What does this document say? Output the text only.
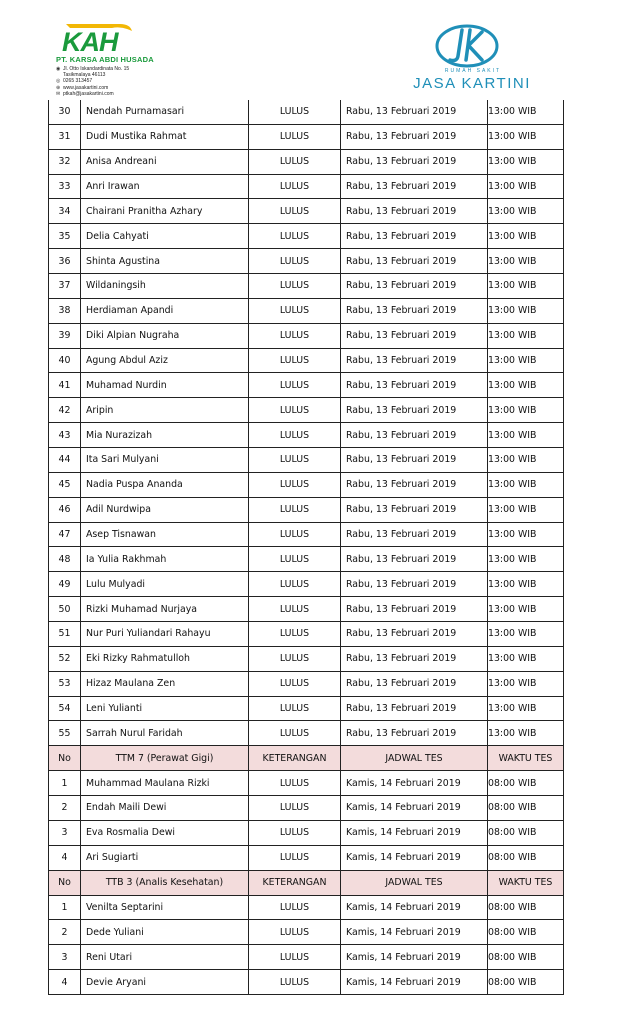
KAH
PT. KARSA ABDI HUSADA
◉ Jl. Otto Iskandardinata No. 15
Tasikmalaya 46113
◎ 0265 313457
⊕ www.jasakartini.com
✉ ptkah@jasakartini.com
RUMAH SAKIT
JASA KARTINI
30	Nendah Purnamasari	LULUS	Rabu, 13 Februari 2019	13:00 WIB
31	Dudi Mustika Rahmat	LULUS	Rabu, 13 Februari 2019	13:00 WIB
32	Anisa Andreani	LULUS	Rabu, 13 Februari 2019	13:00 WIB
33	Anri Irawan	LULUS	Rabu, 13 Februari 2019	13:00 WIB
34	Chairani Pranitha Azhary	LULUS	Rabu, 13 Februari 2019	13:00 WIB
35	Delia Cahyati	LULUS	Rabu, 13 Februari 2019	13:00 WIB
36	Shinta Agustina	LULUS	Rabu, 13 Februari 2019	13:00 WIB
37	Wildaningsih	LULUS	Rabu, 13 Februari 2019	13:00 WIB
38	Herdiaman Apandi	LULUS	Rabu, 13 Februari 2019	13:00 WIB
39	Diki Alpian Nugraha	LULUS	Rabu, 13 Februari 2019	13:00 WIB
40	Agung Abdul Aziz	LULUS	Rabu, 13 Februari 2019	13:00 WIB
41	Muhamad Nurdin	LULUS	Rabu, 13 Februari 2019	13:00 WIB
42	Aripin	LULUS	Rabu, 13 Februari 2019	13:00 WIB
43	Mia Nurazizah	LULUS	Rabu, 13 Februari 2019	13:00 WIB
44	Ita Sari Mulyani	LULUS	Rabu, 13 Februari 2019	13:00 WIB
45	Nadia Puspa Ananda	LULUS	Rabu, 13 Februari 2019	13:00 WIB
46	Adil Nurdwipa	LULUS	Rabu, 13 Februari 2019	13:00 WIB
47	Asep Tisnawan	LULUS	Rabu, 13 Februari 2019	13:00 WIB
48	Ia Yulia Rakhmah	LULUS	Rabu, 13 Februari 2019	13:00 WIB
49	Lulu Mulyadi	LULUS	Rabu, 13 Februari 2019	13:00 WIB
50	Rizki Muhamad Nurjaya	LULUS	Rabu, 13 Februari 2019	13:00 WIB
51	Nur Puri Yuliandari Rahayu	LULUS	Rabu, 13 Februari 2019	13:00 WIB
52	Eki Rizky Rahmatulloh	LULUS	Rabu, 13 Februari 2019	13:00 WIB
53	Hizaz Maulana Zen	LULUS	Rabu, 13 Februari 2019	13:00 WIB
54	Leni Yulianti	LULUS	Rabu, 13 Februari 2019	13:00 WIB
55	Sarrah Nurul Faridah	LULUS	Rabu, 13 Februari 2019	13:00 WIB
No	TTM 7 (Perawat Gigi)	KETERANGAN	JADWAL TES	WAKTU TES
1	Muhammad Maulana Rizki	LULUS	Kamis, 14 Februari 2019	08:00 WIB
2	Endah Maili Dewi	LULUS	Kamis, 14 Februari 2019	08:00 WIB
3	Eva Rosmalia Dewi	LULUS	Kamis, 14 Februari 2019	08:00 WIB
4	Ari Sugiarti	LULUS	Kamis, 14 Februari 2019	08:00 WIB
No	TTB 3 (Analis Kesehatan)	KETERANGAN	JADWAL TES	WAKTU TES
1	Venilta Septarini	LULUS	Kamis, 14 Februari 2019	08:00 WIB
2	Dede Yuliani	LULUS	Kamis, 14 Februari 2019	08:00 WIB
3	Reni Utari	LULUS	Kamis, 14 Februari 2019	08:00 WIB
4	Devie Aryani	LULUS	Kamis, 14 Februari 2019	08:00 WIB
